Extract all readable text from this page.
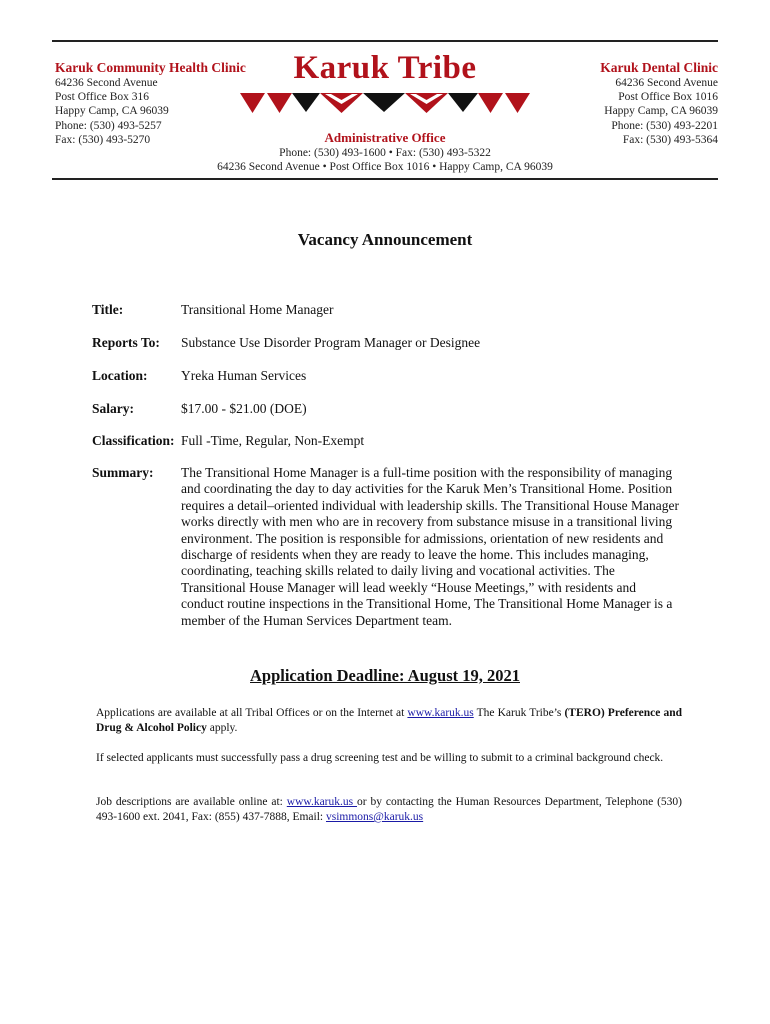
Karuk Community Health Clinic
64236 Second Avenue
Post Office Box 316
Happy Camp, CA 96039
Phone: (530) 493-5257
Fax: (530) 493-5270
Karuk Dental Clinic
64236 Second Avenue
Post Office Box 1016
Happy Camp, CA 96039
Phone: (530) 493-2201
Fax: (530) 493-5364
Karuk Tribe
Administrative Office
Phone: (530) 493-1600 • Fax: (530) 493-5322
64236 Second Avenue • Post Office Box 1016 • Happy Camp, CA 96039
Vacancy Announcement
Title:	Transitional Home Manager
Reports To: Substance Use Disorder Program Manager or Designee
Location: Yreka Human Services
Salary:	$17.00 - $21.00 (DOE)
Classification: Full -Time, Regular, Non-Exempt
Summary: The Transitional Home Manager is a full-time position with the responsibility of managing and coordinating the day to day activities for the Karuk Men’s Transitional Home. Position requires a detail–oriented individual with leadership skills. The Transitional House Manager works directly with men who are in recovery from substance misuse in a transitional living environment. The position is responsible for admissions, orientation of new residents and discharge of residents when they are ready to leave the home. This includes managing, coordinating, teaching skills related to daily living and vocational activities. The Transitional House Manager will lead weekly “House Meetings,” with residents and conduct routine inspections in the Transitional Home, The Transitional Home Manager is a member of the Human Services Department team.
Application Deadline: August 19, 2021
Applications are available at all Tribal Offices or on the Internet at www.karuk.us The Karuk Tribe’s (TERO) Preference and Drug & Alcohol Policy apply.
If selected applicants must successfully pass a drug screening test and be willing to submit to a criminal background check.
Job descriptions are available online at: www.karuk.us or by contacting the Human Resources Department, Telephone (530) 493-1600 ext. 2041, Fax: (855) 437-7888, Email: vsimmons@karuk.us
